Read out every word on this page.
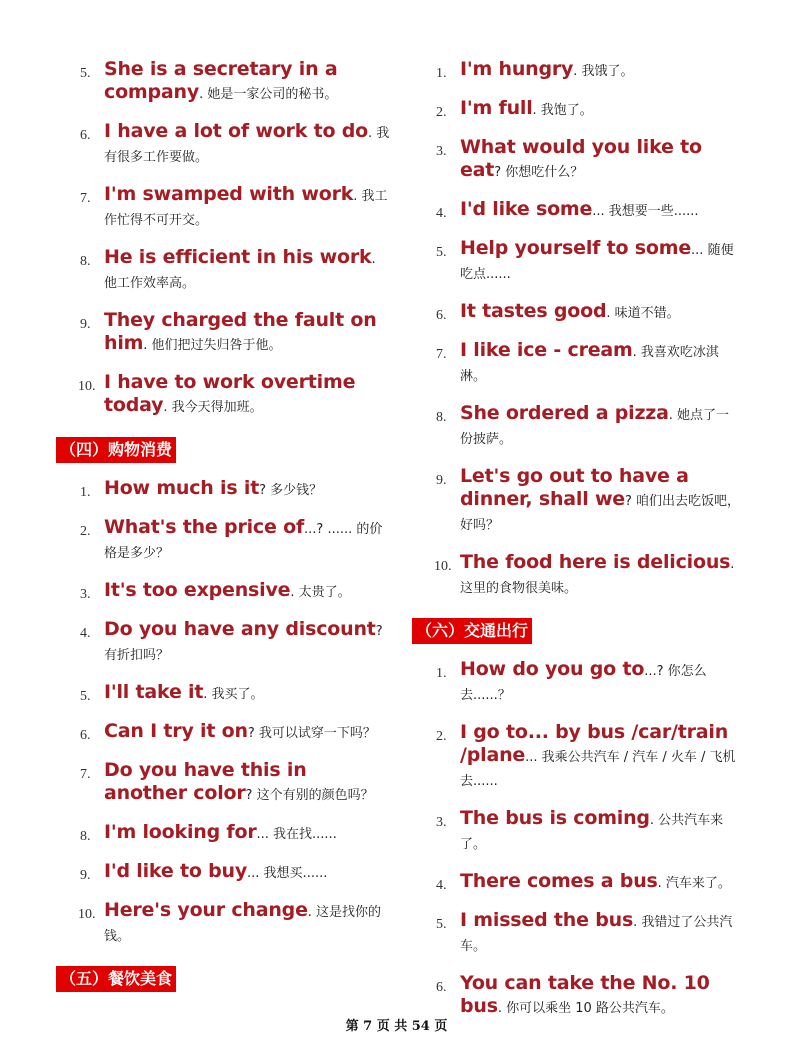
5. She is a secretary in a company. 她是一家公司的秘书。
6. I have a lot of work to do. 我有很多工作要做。
7. I'm swamped with work. 我工作忙得不可开交。
8. He is efficient in his work. 他工作效率高。
9. They charged the fault on him. 他们把过失归咎于他。
10. I have to work overtime today. 我今天得加班。
（四）购物消费
1. How much is it? 多少钱？
2. What's the price of...? ...... 的价格是多少？
3. It's too expensive. 太贵了。
4. Do you have any discount? 有折扣吗？
5. I'll take it. 我买了。
6. Can I try it on? 我可以试穿一下吗？
7. Do you have this in another color? 这个有别的颜色吗？
8. I'm looking for... 我在找......
9. I'd like to buy... 我想买......
10. Here's your change. 这是找你的钱。
（五）餐饮美食
1. I'm hungry. 我饿了。
2. I'm full. 我饱了。
3. What would you like to eat? 你想吃什么？
4. I'd like some... 我想要一些......
5. Help yourself to some... 随便吃点......
6. It tastes good. 味道不错。
7. I like ice - cream. 我喜欢吃冰淇淋。
8. She ordered a pizza. 她点了一份披萨。
9. Let's go out to have a dinner, shall we? 咱们出去吃饭吧，好吗？
10. The food here is delicious. 这里的食物很美味。
（六）交通出行
1. How do you go to...? 你怎么去......？
2. I go to... by bus /car/train /plane... 我乘公共汽车 / 汽车 / 火车 / 飞机去......
3. The bus is coming. 公共汽车来了。
4. There comes a bus. 汽车来了。
5. I missed the bus. 我错过了公共汽车。
6. You can take the No. 10 bus. 你可以乘坐 10 路公共汽车。
第 7 页 共 54 页
